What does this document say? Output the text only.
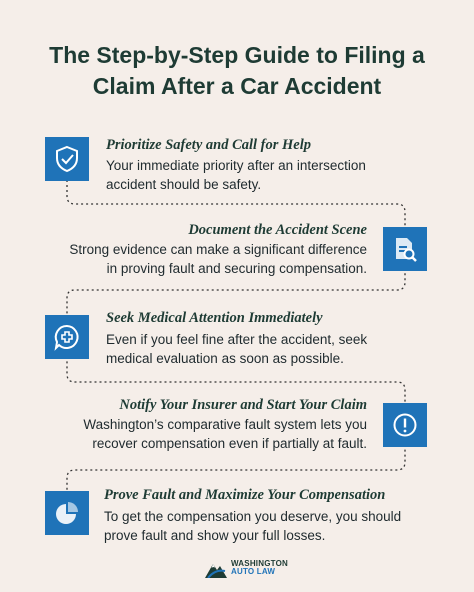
The Step-by-Step Guide to Filing a
Claim After a Car Accident
Prioritize Safety and Call for Help
Your immediate priority after an intersection
accident should be safety.
Document the Accident Scene
Strong evidence can make a significant difference
in proving fault and securing compensation.
Seek Medical Attention Immediately
Even if you feel fine after the accident, seek
medical evaluation as soon as possible.
Notify Your Insurer and Start Your Claim
Washington’s comparative fault system lets you
recover compensation even if partially at fault.
Prove Fault and Maximize Your Compensation
To get the compensation you deserve, you should
prove fault and show your full losses.
WASHINGTON
AUTO LAW
